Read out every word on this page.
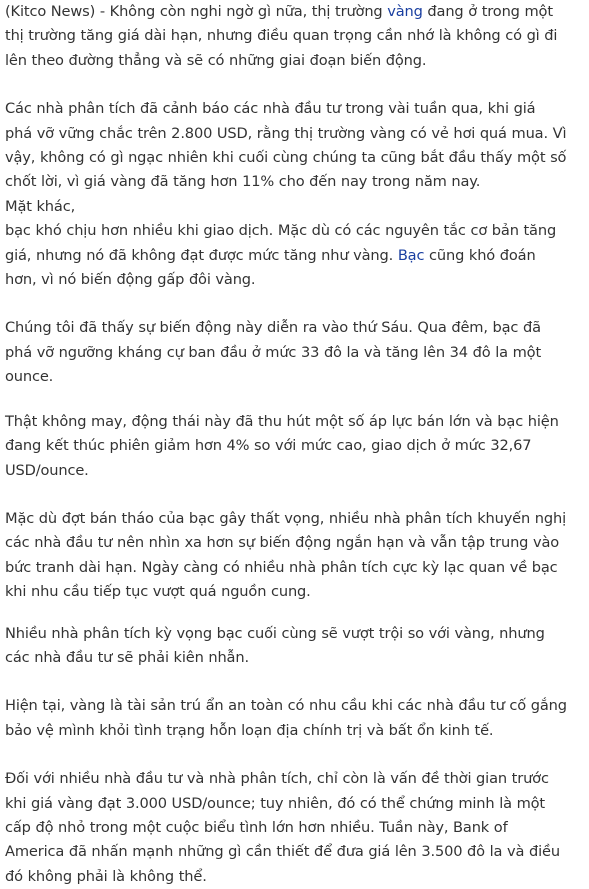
(Kitco News) - Không còn nghi ngờ gì nữa, thị trường vàng đang ở trong một
thị trường tăng giá dài hạn, nhưng điều quan trọng cần nhớ là không có gì đi
lên theo đường thẳng và sẽ có những giai đoạn biến động.

Các nhà phân tích đã cảnh báo các nhà đầu tư trong vài tuần qua, khi giá
phá vỡ vững chắc trên 2.800 USD, rằng thị trường vàng có vẻ hơi quá mua. Vì
vậy, không có gì ngạc nhiên khi cuối cùng chúng ta cũng bắt đầu thấy một số
chốt lời, vì giá vàng đã tăng hơn 11% cho đến nay trong năm nay.

Mặt khác,

bạc khó chịu hơn nhiều khi giao dịch. Mặc dù có các nguyên tắc cơ bản tăng
giá, nhưng nó đã không đạt được mức tăng như vàng. Bạc cũng khó đoán
hơn, vì nó biến động gấp đôi vàng.

Chúng tôi đã thấy sự biến động này diễn ra vào thứ Sáu. Qua đêm, bạc đã
phá vỡ ngưỡng kháng cự ban đầu ở mức 33 đô la và tăng lên 34 đô la một
ounce.

Thật không may, động thái này đã thu hút một số áp lực bán lớn và bạc hiện
đang kết thúc phiên giảm hơn 4% so với mức cao, giao dịch ở mức 32,67
USD/ounce.

Mặc dù đợt bán tháo của bạc gây thất vọng, nhiều nhà phân tích khuyến nghị
các nhà đầu tư nên nhìn xa hơn sự biến động ngắn hạn và vẫn tập trung vào
bức tranh dài hạn. Ngày càng có nhiều nhà phân tích cực kỳ lạc quan về bạc
khi nhu cầu tiếp tục vượt quá nguồn cung.

Nhiều nhà phân tích kỳ vọng bạc cuối cùng sẽ vượt trội so với vàng, nhưng
các nhà đầu tư sẽ phải kiên nhẫn.

Hiện tại, vàng là tài sản trú ẩn an toàn có nhu cầu khi các nhà đầu tư cố gắng
bảo vệ mình khỏi tình trạng hỗn loạn địa chính trị và bất ổn kinh tế.

Đối với nhiều nhà đầu tư và nhà phân tích, chỉ còn là vấn đề thời gian trước
khi giá vàng đạt 3.000 USD/ounce; tuy nhiên, đó có thể chứng minh là một
cấp độ nhỏ trong một cuộc biểu tình lớn hơn nhiều. Tuần này, Bank of
America đã nhấn mạnh những gì cần thiết để đưa giá lên 3.500 đô la và điều
đó không phải là không thể.
